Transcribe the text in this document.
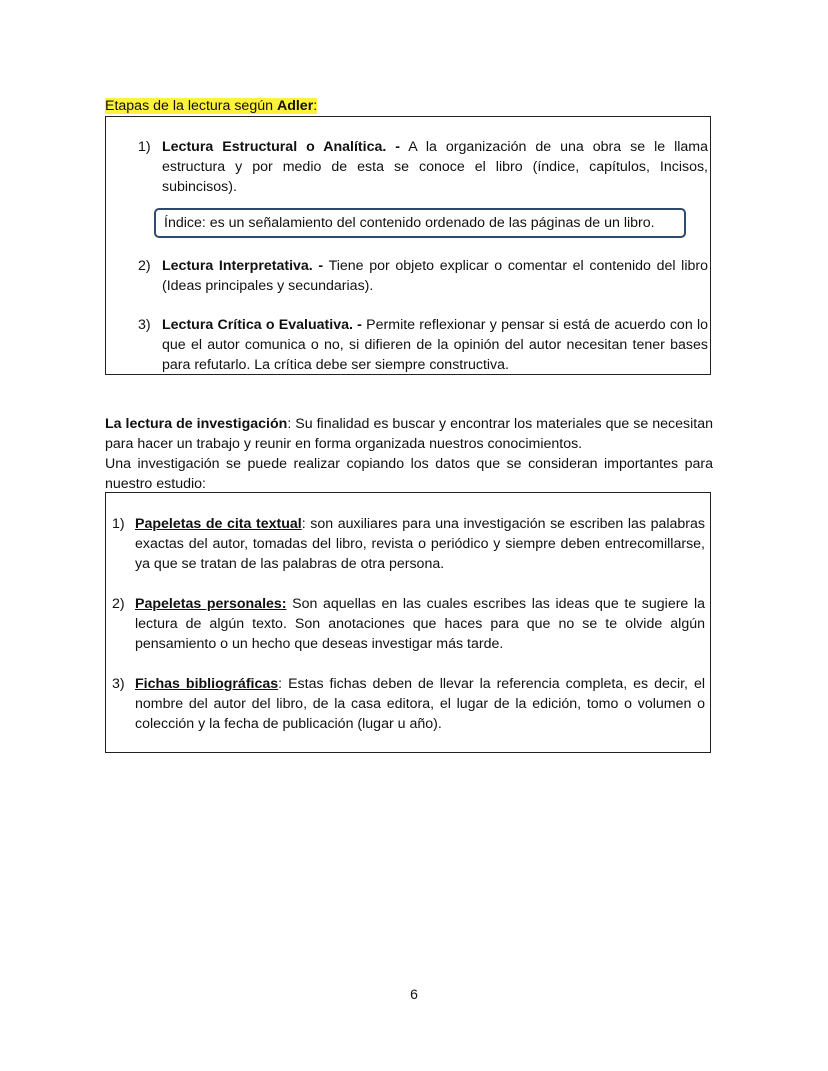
Etapas de la lectura según Adler:
1) Lectura Estructural o Analítica. - A la organización de una obra se le llama estructura y por medio de esta se conoce el libro (índice, capítulos, Incisos, subincisos).
Índice: es un señalamiento del contenido ordenado de las páginas de un libro.
2) Lectura Interpretativa. - Tiene por objeto explicar o comentar el contenido del libro (Ideas principales y secundarias).
3) Lectura Crítica o Evaluativa. - Permite reflexionar y pensar si está de acuerdo con lo que el autor comunica o no, si difieren de la opinión del autor necesitan tener bases para refutarlo. La crítica debe ser siempre constructiva.
La lectura de investigación: Su finalidad es buscar y encontrar los materiales que se necesitan para hacer un trabajo y reunir en forma organizada nuestros conocimientos.
Una investigación se puede realizar copiando los datos que se consideran importantes para nuestro estudio:
1) Papeletas de cita textual: son auxiliares para una investigación se escriben las palabras exactas del autor, tomadas del libro, revista o periódico y siempre deben entrecomillarse, ya que se tratan de las palabras de otra persona.
2) Papeletas personales: Son aquellas en las cuales escribes las ideas que te sugiere la lectura de algún texto. Son anotaciones que haces para que no se te olvide algún pensamiento o un hecho que deseas investigar más tarde.
3) Fichas bibliográficas: Estas fichas deben de llevar la referencia completa, es decir, el nombre del autor del libro, de la casa editora, el lugar de la edición, tomo o volumen o colección y la fecha de publicación (lugar u año).
6
